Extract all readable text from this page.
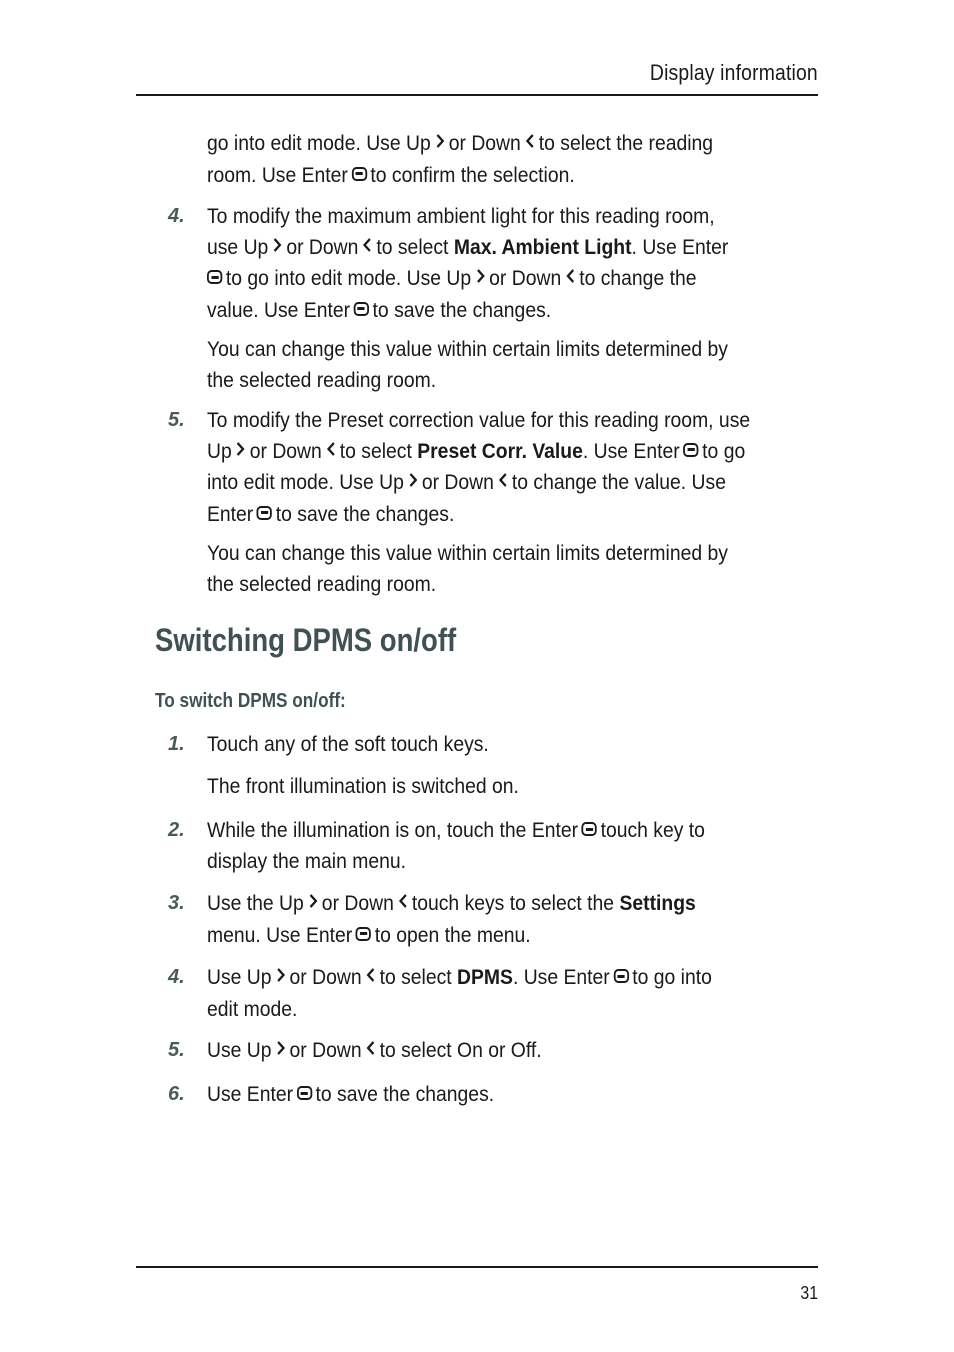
Display information
go into edit mode. Use Up or Down to select the reading
room. Use Enter to confirm the selection.
4. To modify the maximum ambient light for this reading room,
use Up or Down to select Max. Ambient Light. Use Enter
to go into edit mode. Use Up or Down to change the
value. Use Enter to save the changes.
You can change this value within certain limits determined by
the selected reading room.
5. To modify the Preset correction value for this reading room, use
Up or Down to select Preset Corr. Value. Use Enter to go
into edit mode. Use Up or Down to change the value. Use
Enter to save the changes.
You can change this value within certain limits determined by
the selected reading room.
Switching DPMS on/off
To switch DPMS on/off:
1. Touch any of the soft touch keys.
The front illumination is switched on.
2. While the illumination is on, touch the Enter touch key to
display the main menu.
3. Use the Up or Down touch keys to select the Settings
menu. Use Enter to open the menu.
4. Use Up or Down to select DPMS. Use Enter to go into
edit mode.
5. Use Up or Down to select On or Off.
6. Use Enter to save the changes.
31
